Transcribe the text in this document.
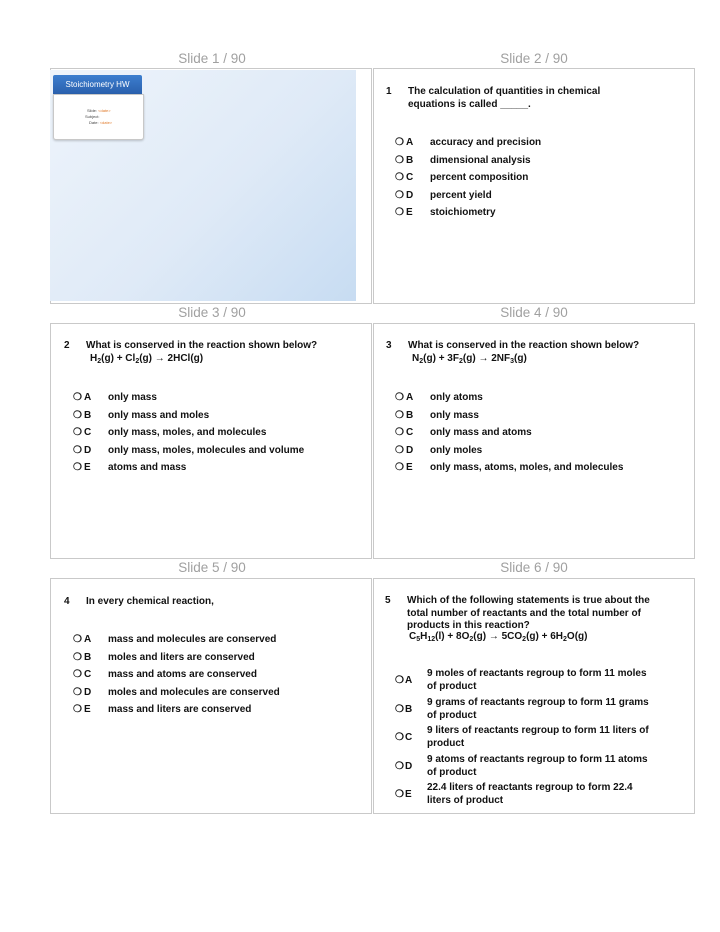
Slide 1 / 90	Slide 2 / 90
Slide 3 / 90	Slide 4 / 90
Slide 5 / 90	Slide 6 / 90
Stoichiometry HW
Slide: <date>
Subject:
Date: <date>
1 The calculation of quantities in chemical
equations is called _____.
❍ A accuracy and precision
❍ B dimensional analysis
❍ C percent composition
❍ D percent yield
❍ E stoichiometry
2 What is conserved in the reaction shown below?
$H_2(g) + Cl_2(g) \to 2HCl(g)$
❍ A only mass
❍ B only mass and moles
❍ C only mass, moles, and molecules
❍ D only mass, moles, molecules and volume
❍ E atoms and mass
3 What is conserved in the reaction shown below?
$N_2(g) + 3F_2(g) \to 2NF_3(g)$
❍ A only atoms
❍ B only mass
❍ C only mass and atoms
❍ D only moles
❍ E only mass, atoms, moles, and molecules
4 In every chemical reaction,
❍ A mass and molecules are conserved
❍ B moles and liters are conserved
❍ C mass and atoms are conserved
❍ D moles and molecules are conserved
❍ E mass and liters are conserved
5 Which of the following statements is true about the
total number of reactants and the total number of
products in this reaction?
$C_5H_{12}(l) + 8O_2(g) \to 5CO_2(g) + 6H_2O(g)$
❍ A
9 moles of reactants regroup to form 11 moles
of product
❍ B
9 grams of reactants regroup to form 11 grams
of product
❍ C
9 liters of reactants regroup to form 11 liters of
product
❍ D
9 atoms of reactants regroup to form 11 atoms
of product
❍ E
22.4 liters of reactants regroup to form 22.4
liters of product
